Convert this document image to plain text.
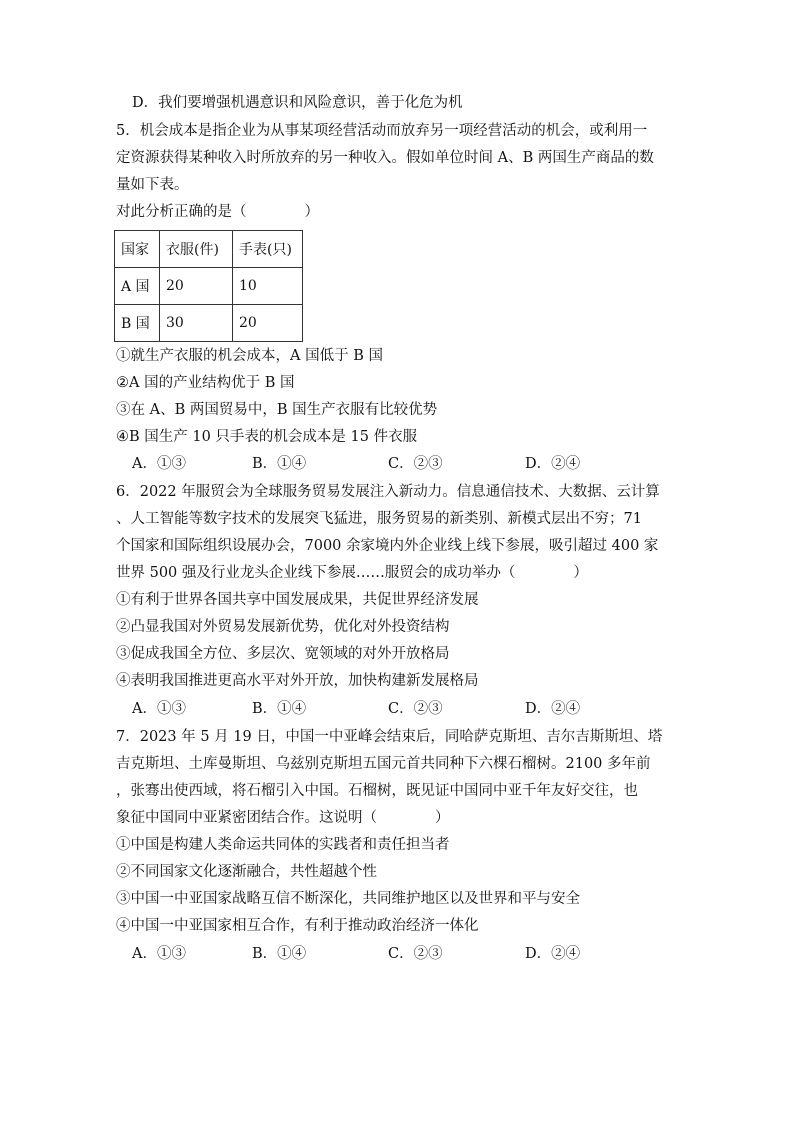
D．我们要增强机遇意识和风险意识，善于化危为机
5．机会成本是指企业为从事某项经营活动而放弃另一项经营活动的机会，或利用一
定资源获得某种收入时所放弃的另一种收入。假如单位时间 A、B 两国生产商品的数
量如下表。
对此分析正确的是（　　　　）
国家	衣服(件)	手表(只)
A 国	20	10
B 国	30	20
①就生产衣服的机会成本，A 国低于 B 国
②A 国的产业结构优于 B 国
③在 A、B 两国贸易中，B 国生产衣服有比较优势
④B 国生产 10 只手表的机会成本是 15 件衣服
A．①③	B．①④	C．②③	D．②④
6．2022 年服贸会为全球服务贸易发展注入新动力。信息通信技术、大数据、云计算
、人工智能等数字技术的发展突飞猛进，服务贸易的新类别、新模式层出不穷；71
个国家和国际组织设展办会，7000 余家境内外企业线上线下参展，吸引超过 400 家
世界 500 强及行业龙头企业线下参展……服贸会的成功举办（　　　　）
①有利于世界各国共享中国发展成果，共促世界经济发展
②凸显我国对外贸易发展新优势，优化对外投资结构
③促成我国全方位、多层次、宽领域的对外开放格局
④表明我国推进更高水平对外开放，加快构建新发展格局
A．①③	B．①④	C．②③	D．②④
7．2023 年 5 月 19 日，中国一中亚峰会结束后，同哈萨克斯坦、吉尔吉斯斯坦、塔
吉克斯坦、土库曼斯坦、乌兹别克斯坦五国元首共同种下六棵石榴树。2100 多年前
，张骞出使西域，将石榴引入中国。石榴树，既见证中国同中亚千年友好交往，也
象征中国同中亚紧密团结合作。这说明（　　　　）
①中国是构建人类命运共同体的实践者和责任担当者
②不同国家文化逐渐融合，共性超越个性
③中国一中亚国家战略互信不断深化，共同维护地区以及世界和平与安全
④中国一中亚国家相互合作，有利于推动政治经济一体化
A．①③	B．①④	C．②③	D．②④
